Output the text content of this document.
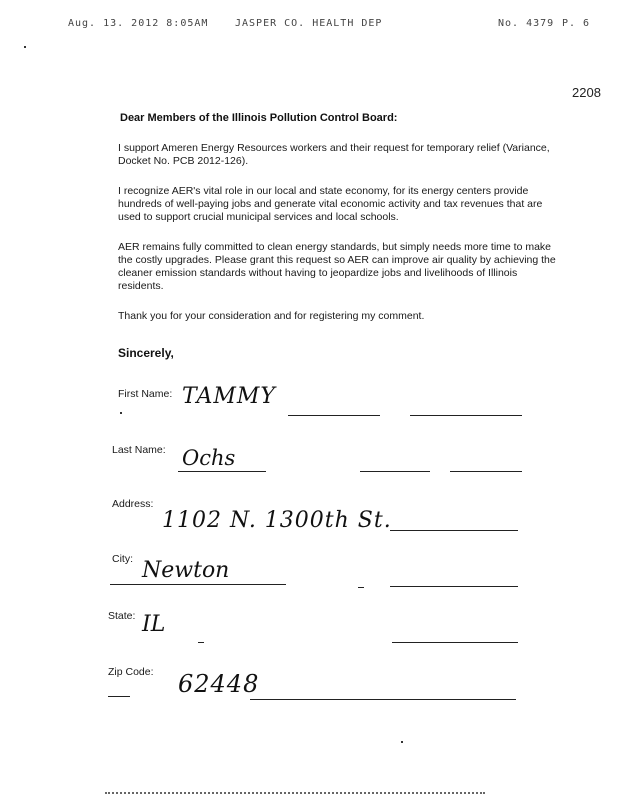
Aug. 13. 2012 8:05AM	JASPER CO. HEALTH DEP	No. 4379 P. 6
2208
Dear Members of the Illinois Pollution Control Board:
I support Ameren Energy Resources workers and their request for temporary relief (Variance, Docket No. PCB 2012-126).
I recognize AER's vital role in our local and state economy, for its energy centers provide hundreds of well-paying jobs and generate vital economic activity and tax revenues that are used to support crucial municipal services and local schools.
AER remains fully committed to clean energy standards, but simply needs more time to make the costly upgrades. Please grant this request so AER can improve air quality by achieving the cleaner emission standards without having to jeopardize jobs and livelihoods of Illinois residents.
Thank you for your consideration and for registering my comment.
Sincerely,
First Name: TAMMY
Last Name: Ochs
Address:
1102 N. 1300th St.
City: Newton
State: IL
Zip Code: 62448
